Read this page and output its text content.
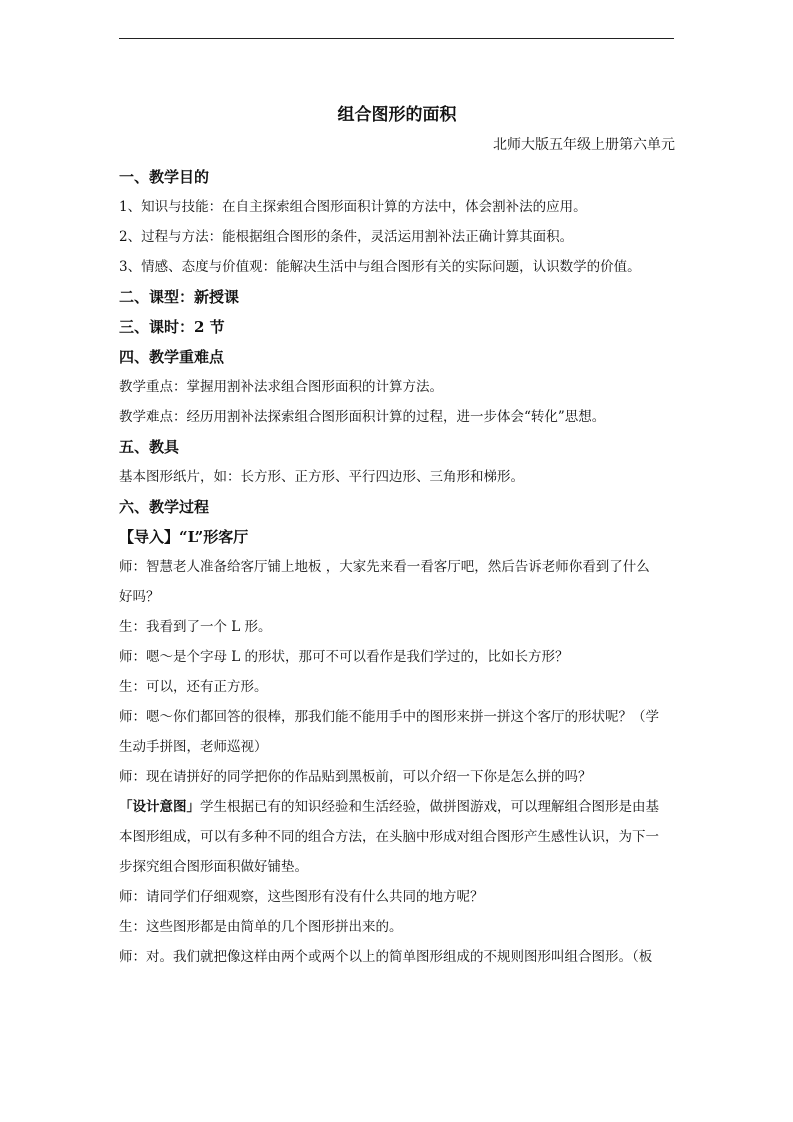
组合图形的面积

北师大版五年级上册第六单元

一、教学目的

1、知识与技能：在自主探索组合图形面积计算的方法中，体会割补法的应用。

2、过程与方法：能根据组合图形的条件，灵活运用割补法正确计算其面积。

3、情感、态度与价值观：能解决生活中与组合图形有关的实际问题，认识数学的价值。

二、课型：新授课

三、课时：2 节

四、教学重难点

教学重点：掌握用割补法求组合图形面积的计算方法。

教学难点：经历用割补法探索组合图形面积计算的过程，进一步体会“转化”思想。

五、教具

基本图形纸片，如：长方形、正方形、平行四边形、三角形和梯形。

六、教学过程

【导入】“L”形客厅

师：智慧老人准备给客厅铺上地板 ，大家先来看一看客厅吧，然后告诉老师你看到了什么

好吗？

生：我看到了一个 L 形。

师：嗯～是个字母 L 的形状，那可不可以看作是我们学过的，比如长方形？

生：可以，还有正方形。

师：嗯～你们都回答的很棒，那我们能不能用手中的图形来拼一拼这个客厅的形状呢？（学

生动手拼图，老师巡视）

师：现在请拼好的同学把你的作品贴到黑板前，可以介绍一下你是怎么拼的吗？

「设计意图」学生根据已有的知识经验和生活经验，做拼图游戏，可以理解组合图形是由基

本图形组成，可以有多种不同的组合方法，在头脑中形成对组合图形产生感性认识，为下一

步探究组合图形面积做好铺垫。

师：请同学们仔细观察，这些图形有没有什么共同的地方呢？

生：这些图形都是由简单的几个图形拼出来的。

师：对。我们就把像这样由两个或两个以上的简单图形组成的不规则图形叫组合图形。（板
